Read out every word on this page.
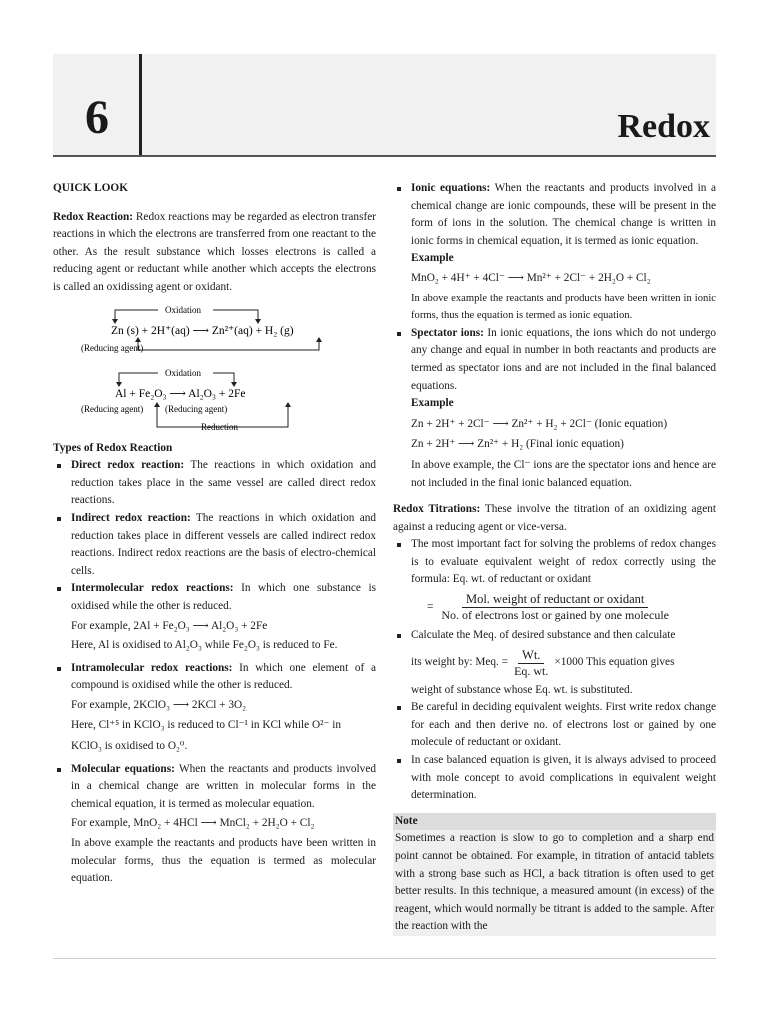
6	Redox

QUICK LOOK

Redox Reaction: Redox reactions may be regarded as electron transfer reactions in which the electrons are transferred from one reactant to the other. As the result substance which losses electrons is called a reducing agent or reductant while another which accepts the electrons is called an oxidissing agent or oxidant.

Oxidation
Zn (s) + 2H⁺(aq) ⟶ Zn²⁺(aq) + H₂ (g)
(Reducing agent)
Oxidation
Al + Fe₂O₃ ⟶ Al₂O₃ + 2Fe
(Reducing agent) (Reducing agent)
Reduction

Types of Redox Reaction

Direct redox reaction: The reactions in which oxidation and reduction takes place in the same vessel are called direct redox reactions.
Indirect redox reaction: The reactions in which oxidation and reduction takes place in different vessels are called indirect redox reactions. Indirect redox reactions are the basis of electro-chemical cells.
Intermolecular redox reactions: In which one substance is oxidised while the other is reduced.
For example, 2Al + Fe₂O₃ ⟶ Al₂O₃ + 2Fe
Here, Al is oxidised to Al₂O₃ while Fe₂O₃ is reduced to Fe.
Intramolecular redox reactions: In which one element of a compound is oxidised while the other is reduced.
For example, 2KClO₃ ⟶ 2KCl + 3O₂
Here, Cl⁺⁵ in KClO₃ is reduced to Cl⁻¹ in KCl while O²⁻ in
KClO₃ is oxidised to O₂⁰.
Molecular equations: When the reactants and products involved in a chemical change are written in molecular forms in the chemical equation, it is termed as molecular equation.
For example, MnO₂ + 4HCl ⟶ MnCl₂ + 2H₂O + Cl₂
In above example the reactants and products have been written in molecular forms, thus the equation is termed as molecular equation.
Ionic equations: When the reactants and products involved in a chemical change are ionic compounds, these will be present in the form of ions in the solution. The chemical change is written in ionic forms in chemical equation, it is termed as ionic equation.
Example
MnO₂ + 4H⁺ + 4Cl⁻ ⟶ Mn²⁺ + 2Cl⁻ + 2H₂O + Cl₂
In above example the reactants and products have been written in ionic forms, thus the equation is termed as ionic equation.
Spectator ions: In ionic equations, the ions which do not undergo any change and equal in number in both reactants and products are termed as spectator ions and are not included in the final balanced equations.
Example
Zn + 2H⁺ + 2Cl⁻ ⟶ Zn²⁺ + H₂ + 2Cl⁻ (Ionic equation)
Zn + 2H⁺ ⟶ Zn²⁺ + H₂ (Final ionic equation)
In above example, the Cl⁻ ions are the spectator ions and hence are not included in the final ionic balanced equation.

Redox Titrations: These involve the titration of an oxidizing agent against a reducing agent or vice-versa.

The most important fact for solving the problems of redox changes is to evaluate equivalent weight of redox correctly using the formula: Eq. wt. of reductant or oxidant
= $\frac{\text{Mol. weight of reductant or oxidant}}{\text{No. of electrons lost or gained by one molecule}}$
Calculate the Meq. of desired substance and then calculate
its weight by: Meq. = $\frac{Wt.}{Eq. wt.} \times 1000$ This equation gives
weight of substance whose Eq. wt. is substituted.
Be careful in deciding equivalent weights. First write redox change for each and then derive no. of electrons lost or gained by one molecule of reductant or oxidant.
In case balanced equation is given, it is always advised to proceed with mole concept to avoid complications in equivalent weight determination.
Note
Sometimes a reaction is slow to go to completion and a sharp end point cannot be obtained. For example, in titration of antacid tablets with a strong base such as HCl, a back titration is often used to get better results. In this technique, a measured amount (in excess) of the reagent, which would normally be titrant is added to the sample. After the reaction with the
